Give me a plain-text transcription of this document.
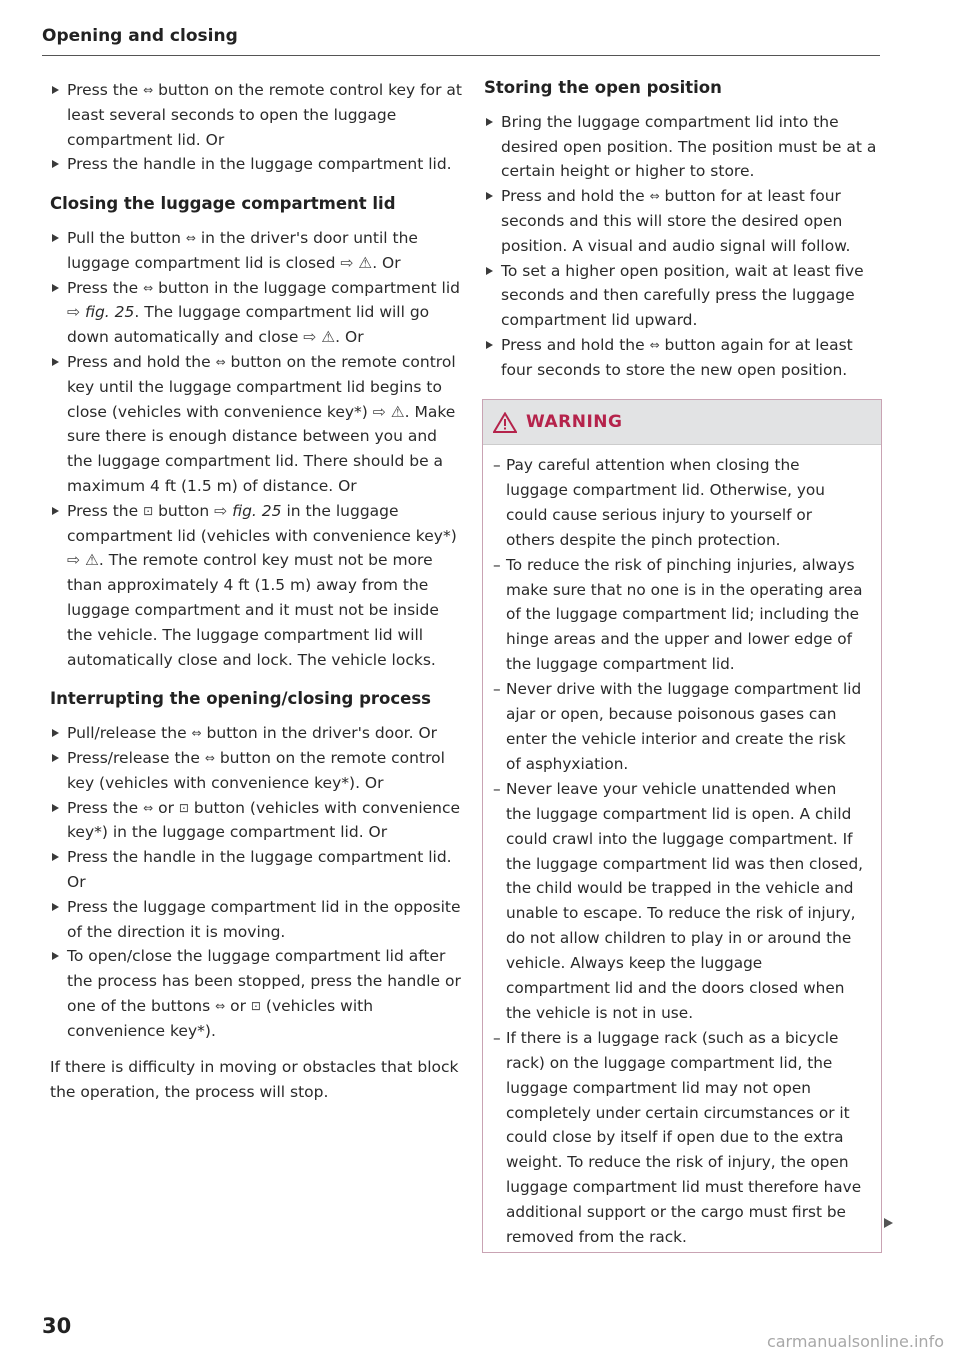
Opening and closing
Press the ⇔ button on the remote control key for at least several seconds to open the luggage compartment lid. Or
Press the handle in the luggage compartment lid.
Closing the luggage compartment lid
Pull the button ⇔ in the driver's door until the luggage compartment lid is closed ⇨ ⚠. Or
Press the ⇔ button in the luggage compartment lid ⇨ fig. 25. The luggage compartment lid will go down automatically and close ⇨ ⚠. Or
Press and hold the ⇔ button on the remote control key until the luggage compartment lid begins to close (vehicles with convenience key*) ⇨ ⚠. Make sure there is enough distance between you and the luggage compartment lid. There should be a maximum 4 ft (1.5 m) of distance. Or
Press the ⊡ button ⇨ fig. 25 in the luggage compartment lid (vehicles with convenience key*) ⇨ ⚠. The remote control key must not be more than approximately 4 ft (1.5 m) away from the luggage compartment and it must not be inside the vehicle. The luggage compartment lid will automatically close and lock. The vehicle locks.
Interrupting the opening/closing process
Pull/release the ⇔ button in the driver's door. Or
Press/release the ⇔ button on the remote control key (vehicles with convenience key*). Or
Press the ⇔ or ⊡ button (vehicles with convenience key*) in the luggage compartment lid. Or
Press the handle in the luggage compartment lid. Or
Press the luggage compartment lid in the opposite of the direction it is moving.
To open/close the luggage compartment lid after the process has been stopped, press the handle or one of the buttons ⇔ or ⊡ (vehicles with convenience key*).
If there is difficulty in moving or obstacles that block the operation, the process will stop.
Storing the open position
Bring the luggage compartment lid into the desired open position. The position must be at a certain height or higher to store.
Press and hold the ⇔ button for at least four seconds and this will store the desired open position. A visual and audio signal will follow.
To set a higher open position, wait at least five seconds and then carefully press the luggage compartment lid upward.
Press and hold the ⇔ button again for at least four seconds to store the new open position.
WARNING
– Pay careful attention when closing the luggage compartment lid. Otherwise, you could cause serious injury to yourself or others despite the pinch protection.
– To reduce the risk of pinching injuries, always make sure that no one is in the operating area of the luggage compartment lid; including the hinge areas and the upper and lower edge of the luggage compartment lid.
– Never drive with the luggage compartment lid ajar or open, because poisonous gases can enter the vehicle interior and create the risk of asphyxiation.
– Never leave your vehicle unattended when the luggage compartment lid is open. A child could crawl into the luggage compartment. If the luggage compartment lid was then closed, the child would be trapped in the vehicle and unable to escape. To reduce the risk of injury, do not allow children to play in or around the vehicle. Always keep the luggage compartment lid and the doors closed when the vehicle is not in use.
– If there is a luggage rack (such as a bicycle rack) on the luggage compartment lid, the luggage compartment lid may not open completely under certain circumstances or it could close by itself if open due to the extra weight. To reduce the risk of injury, the open luggage compartment lid must therefore have additional support or the cargo must first be removed from the rack.
30
carmanualsonline.info
